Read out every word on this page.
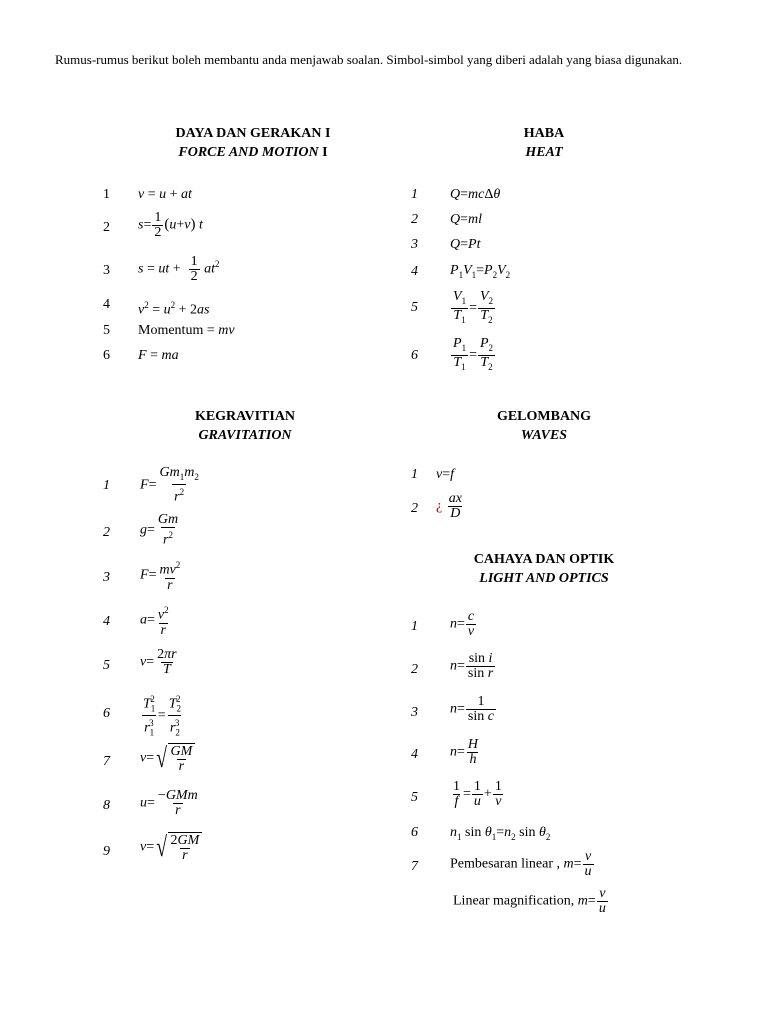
Rumus-rumus berikut boleh membantu anda menjawab soalan. Simbol-simbol yang diberi adalah yang biasa digunakan.
DAYA DAN GERAKAN I
FORCE AND MOTION I
HABA
HEAT
KEGRAVITIAN
GRAVITATION
GELOMBANG
WAVES
CAHAYA DAN OPTIK
LIGHT AND OPTICS
1 v = u + at
2 $s= \frac{1}{2} (u+v)$ t
3 s = ut + $\frac{1}{2} at^2$
4 $v^2 = u^2 + 2as$
5 Momentum = mv
6 F = ma
1 Q=mcΔθ
2 Q=ml
3 Q=Pt
4 $P_1V_1=P_2V_2$
$5 \frac{V_1}{T_1} = \frac{V_2}{T_2}$
$6 \frac{P_1}{T_1} = \frac{P_2}{T_2}$
1 $F= \frac{Gm_1m_2}{r^2}$
2 $g= \frac{Gm}{r^2}$
3 $F= \frac{mv^2}{r}$
4 $a= \frac{v^2}{r}$
5 $v= \frac{2\pi r}{T}$
$6 \frac{T_1^2}{r_1^3} = \frac{T_2^2}{r_2^3}$
7 v= √ $\frac{GM}{r}$
8 $u= \frac{\text{−GMm}}{r}$
9 v= √ $\frac{2GM}{r}$
1 v=f
2 ¿ $\frac{ax}{D}$
1 $n= \frac{c}{v}$
2 $n= \frac{\text{sin i}}{\text{sin r}}$
3 $n= \frac{1}{\text{sin c}}$
4 $n= \frac{H}{h}$
$5 \frac{1}{f} = \frac{1}{u} + \frac{1}{v}$
6 $n_1$ $\sin \theta_1=n_2$ $\sin \theta_2$
7 Pembesaran linear , $m= \frac{v}{u}$
Linear magnification, $m= \frac{v}{u}$
